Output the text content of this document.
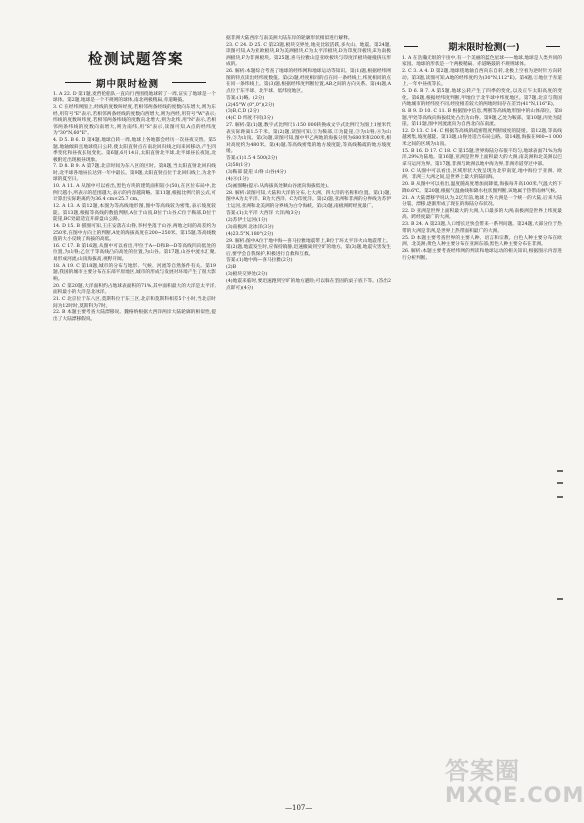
检测试题答案
期中限时检测

1. A 22. D 第1题,麦哲伦船队一直向行西围绕地球转了一周,证实了地球是一个球体。第2题,地球是一个不规则的球体,南北两极稍扁,赤道略鼓。

3. C 在经纬网图上,经线的度数叫经度,若相邻两条经线的度数向东增大,则为东经,用符号"E"表示,若相邻两条经线的度数向西增大,则为西经,用符号"W"表示;纬线的度数叫纬度,若相邻两条纬线的度数向北增大,则为北纬,用"N"表示,若相邻两条纬线的度数向南增大,则为南纬,用"S"表示,读图可知,A点的经纬度为"30°N,60°E"。

4. D 5. B 6. D 第4题,地球自转一周,地球上各地都会经历一次昼夜交替。第5题,地轴倾斜且地球绕日公转,使太阳直射点在南北回归线之间来回移动,产生四季变化和昼夜长短变化。第6题,6月14日,太阳直射北半球,北半球昼长夜短,北极附近出现极昼现象。

7. D 8. B 9. A 第7题,北京时间为东八区的区时。第8题,当太阳直射北回归线时,北半球各地昼长达到一年中最长。第9题,太阳直射点位于北回归线上,为北半球的夏至日。

10. A 11. A 从图中可以看出,黑色方块的建筑面积较小(50),在区位布局中,比例尺越小,所表示的范围越大,表示的内容越简略。第11题,根据比例尺的公式,可计算出实际距离约为36.4 cm×25.7 cm。

12. A 13. A 第12题,本图为等高线地形图,图中等高线较为密集,表示坡度较陡。第13题,根据等高线的数值判断,A位于山顶,B位于山谷,C位于鞍部,D位于陡崖,BC处最适宜开辟盘山公路。

14. D 15. B 描图可知,王庄安落在山脊,李村坐落于山谷,两地之间的高差约为250米,在图中方向上的判断,A处的海拔高度在200~250米。第15题,等高线数值的大小反映了海拔的高低。

16. C 17. B 第16题,从图中可以看出,甲位于A—D和B—D等高线凹向低处的位置,为山脊;乙位于等高线凸向高处的位置,为山谷。第17题,山谷中流水汇聚,易形成河流;山顶海拔高,视野开阔。

18. A 19. C 第18题,城市的分布与地形、气候、河流等自然条件有关。第19题,我国的城市主要分布在东部平原地区,城市的形成与发展对环境产生了很大影响。

20. C 第20题,大洋面积约占地球表面积的71%,其中面积最大的大洋是太平洋,面积最小的大洋是北冰洋。

21. C 北京位于东八区,莫斯科位于东三区,北京和莫斯科相差5个小时,当北京时间为12时时,莫斯科为7时。

22. B 本题主要考查大陆漂移说。魏格纳根据大西洋两岸大陆轮廓的相似性,提出了大陆漂移假说。

据非洲大陆西岸与南美洲大陆东岸的轮廓形状相似进行解释。

23. C 24. D 25. C 第23题,板块交界处,地壳比较活跃,多火山、地震。第24题,读图可知,A为亚欧板块,B为美洲板块,C为太平洋板块,D为印度洋板块,E为南极洲板块,F为非洲板块。第25题,喜马拉雅山是亚欧板块与印度洋板块碰撞挤压形成的。

26. 解析:本题综合考查了地球的经纬网和地球运动等知识。第(1)题,根据经纬网图的特点读出经纬度数值。第(2)题,经度相同的点在同一条经线上,纬度相同的点在同一条纬线上。第(3)题,根据经纬度判断位置,AB之间的方向关系。第(4)题,A点位于东半球、北半球、低纬度地区。

答案:(1)略。(2分)

(2)45°W (0°,0°)(2分)

(3)B,C,D (2分)

(4)C D 纬度不同(3分)

27. 解析:第(1)题,数字式比例尺1:150 000转换成文字式比例尺为图上1厘米代表实际距离1.5千米。第(2)题,读图可知,①为鞍部,②为陡崖,③为山脊,④为山谷,⑤为山顶。第(3)题,读图可知,图中甲乙两地的海拔分别为680米和200米,相对高度约为480米。第(4)题,等高线密集的地方坡度陡,等高线稀疏的地方坡度缓。

答案:(1)1.5 4 500(2分)

(2)58(1分)

(3)鞍部 陡崖 山脊 山谷(4分)

(4)④(1分)

(5)画图略(提示:从海拔高处顺山谷流向海拔低处)。

28. 解析:读图可知,大陆和大洋的分布,七大洲、四大洋的名称和位置。第(1)题,图中A为太平洋、B为大西洋、C为印度洋。第(2)题,亚洲和非洲的分界线为苏伊士运河,亚洲和北美洲的分界线为白令海峡。第(3)题,南极洲跨经度最广。

答案:(1)太平洋 大西洋 大洋洲(3分)

(2)苏伊士运河(1分)

(3)南极洲 北冰洋(3分)

(4)23.5°N,180°(2分)

29. 解析:图中A位于地中海—喜马拉雅地震带上,B位于环太平洋火山地震带上。第(2)题,地震发生时,应保持镇静,迅速撤离到空旷的地方。第(3)题,地震灾害发生后,要学会自我保护,积极进行自救和互救。

答案:(1)地中海—喜马拉雅(2分)

(2)B

(3)板块交界处(2分)

(4)地震来临时,要迅速跑到空旷的地方避险;可以躲在坚固的桌子底下等。(答出2点即可)(4分)

期末限时检测(一)

1. A 在浩瀚无垠的宇宙中,有一个美丽的蓝色星球——地球,地球是人类共同的家园。地球的形状是一个两极稍扁、赤道略鼓的不规则球体。

2. C 3. A 4. D 第2题,地球绕地轴自西向东自转,北极上空看为逆时针方向转动。第3题,读图可知,A地的经纬度约为(30°N,112°E)。第4题,①地位于赤道上,一年中昼夜等长。

5. D 6. B 7. A 第5题,地球公转产生了四季的变化,以及正午太阳高度的变化。第6题,根据经纬度判断,甲地位于北半球中纬度地区。第7题,北京与我国内地城市的经纬度不同,经度相差较大的两地时间存在差异(41°N,116°E)。

8. B 9. D 10. C 11. B 根据图中信息,判断等高线地形图中的山体部位。第8题,甲处等高线向海拔低处凸出为山脊。第9题,乙处为鞍部。第10题,丙处为陡崖。第11题,图中河流流向为自西北向东南流。

12. D 13. C 14. C 根据等高线的疏密程度判断坡度的陡缓。第12题,等高线越密集,坡度越陡。第13题,山脊处适合布局公路。第14题,海拔在900~1 000米之间的区域为山顶。

15. B 16. D 17. C 18. C 第15题,世界海陆分布很不均匀,地球表面71%为海洋,29%为陆地。第16题,亚洲是世界上面积最大的大洲,南美洲和北美洲以巴拿马运河为界。第17题,非洲与欧洲以地中海为界,非洲赤道穿过中部。

19. C 从图中可以看出,区域形状大致呈现为北窄南宽,地中海位于亚洲、欧洲、非洲三大洲之间,是世界上最大的陆间海。

20. B 从图中可以看出,温度随高度增加而降低,海拔每升高100米,气温大约下降0.6℃。第20题,根据气温曲线和降水柱状图判断,该地属于热带雨林气候。

21. A 大陆漂移学说认为,2亿年前,地球上各大洲是一个统一的大陆,后来大陆分裂、漂移,逐渐形成了现在的海陆分布状况。

22. D 亚洲是世界上面积最大的大洲,人口最多的大洲;南极洲是世界上纬度最高、跨经度最广的大洲。

23. B 24. A 第23题,人口增长过快会带来一系列问题。第24题,大部分位于热带的大洲是非洲,是世界上热带面积最广的大洲。

25. D 本题主要考查世界的主要人种、语言和宗教。白色人种主要分布在欧洲、北美洲;黄色人种主要分布在亚洲东部;黑色人种主要分布在非洲。

26. 解析:本题主要考查经纬网的判读和地球运动的相关知识,根据图示内容进行分析判断。

答案圈
MXQE.COM
—107—
